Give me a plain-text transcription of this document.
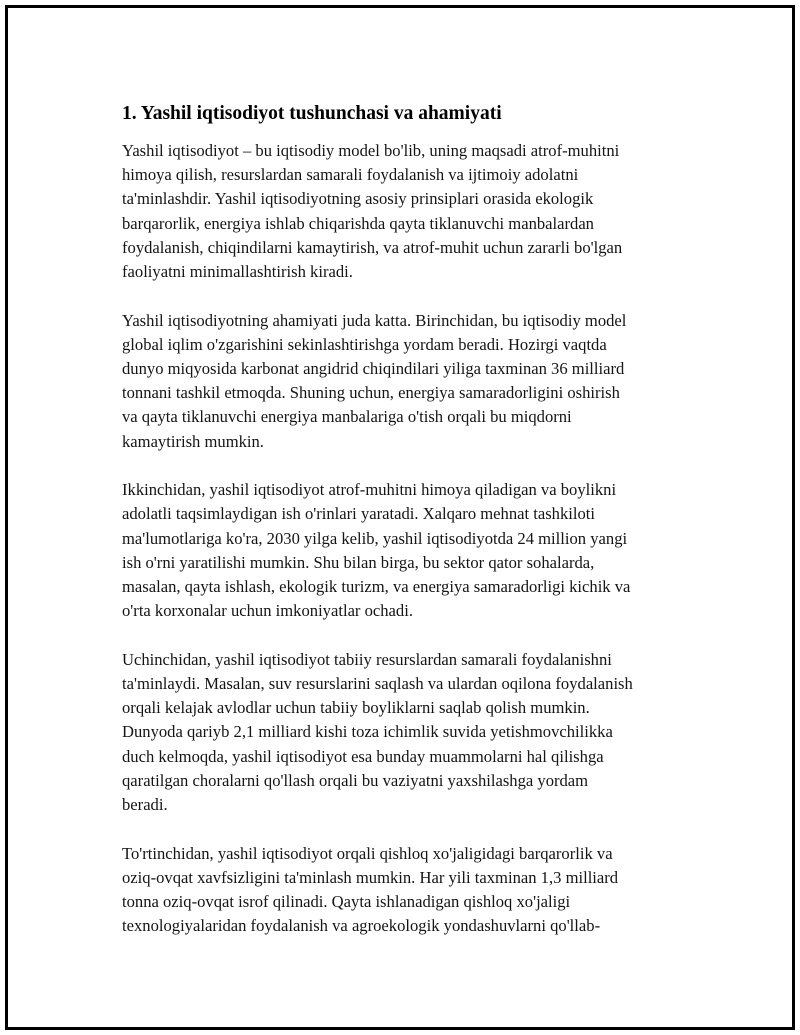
1. Yashil iqtisodiyot tushunchasi va ahamiyati

Yashil iqtisodiyot – bu iqtisodiy model bo'lib, uning maqsadi atrof-muhitni
himoya qilish, resurslardan samarali foydalanish va ijtimoiy adolatni
ta'minlashdir. Yashil iqtisodiyotning asosiy prinsiplari orasida ekologik
barqarorlik, energiya ishlab chiqarishda qayta tiklanuvchi manbalardan
foydalanish, chiqindilarni kamaytirish, va atrof-muhit uchun zararli bo'lgan
faoliyatni minimallashtirish kiradi.

Yashil iqtisodiyotning ahamiyati juda katta. Birinchidan, bu iqtisodiy model
global iqlim o'zgarishini sekinlashtirishga yordam beradi. Hozirgi vaqtda
dunyo miqyosida karbonat angidrid chiqindilari yiliga taxminan 36 milliard
tonnani tashkil etmoqda. Shuning uchun, energiya samaradorligini oshirish
va qayta tiklanuvchi energiya manbalariga o'tish orqali bu miqdorni
kamaytirish mumkin.

Ikkinchidan, yashil iqtisodiyot atrof-muhitni himoya qiladigan va boylikni
adolatli taqsimlaydigan ish o'rinlari yaratadi. Xalqaro mehnat tashkiloti
ma'lumotlariga ko'ra, 2030 yilga kelib, yashil iqtisodiyotda 24 million yangi
ish o'rni yaratilishi mumkin. Shu bilan birga, bu sektor qator sohalarda,
masalan, qayta ishlash, ekologik turizm, va energiya samaradorligi kichik va
o'rta korxonalar uchun imkoniyatlar ochadi.

Uchinchidan, yashil iqtisodiyot tabiiy resurslardan samarali foydalanishni
ta'minlaydi. Masalan, suv resurslarini saqlash va ulardan oqilona foydalanish
orqali kelajak avlodlar uchun tabiiy boyliklarni saqlab qolish mumkin.
Dunyoda qariyb 2,1 milliard kishi toza ichimlik suvida yetishmovchilikka
duch kelmoqda, yashil iqtisodiyot esa bunday muammolarni hal qilishga
qaratilgan choralarni qo'llash orqali bu vaziyatni yaxshilashga yordam
beradi.

To'rtinchidan, yashil iqtisodiyot orqali qishloq xo'jaligidagi barqarorlik va
oziq-ovqat xavfsizligini ta'minlash mumkin. Har yili taxminan 1,3 milliard
tonna oziq-ovqat isrof qilinadi. Qayta ishlanadigan qishloq xo'jaligi
texnologiyalaridan foydalanish va agroekologik yondashuvlarni qo'llab-
